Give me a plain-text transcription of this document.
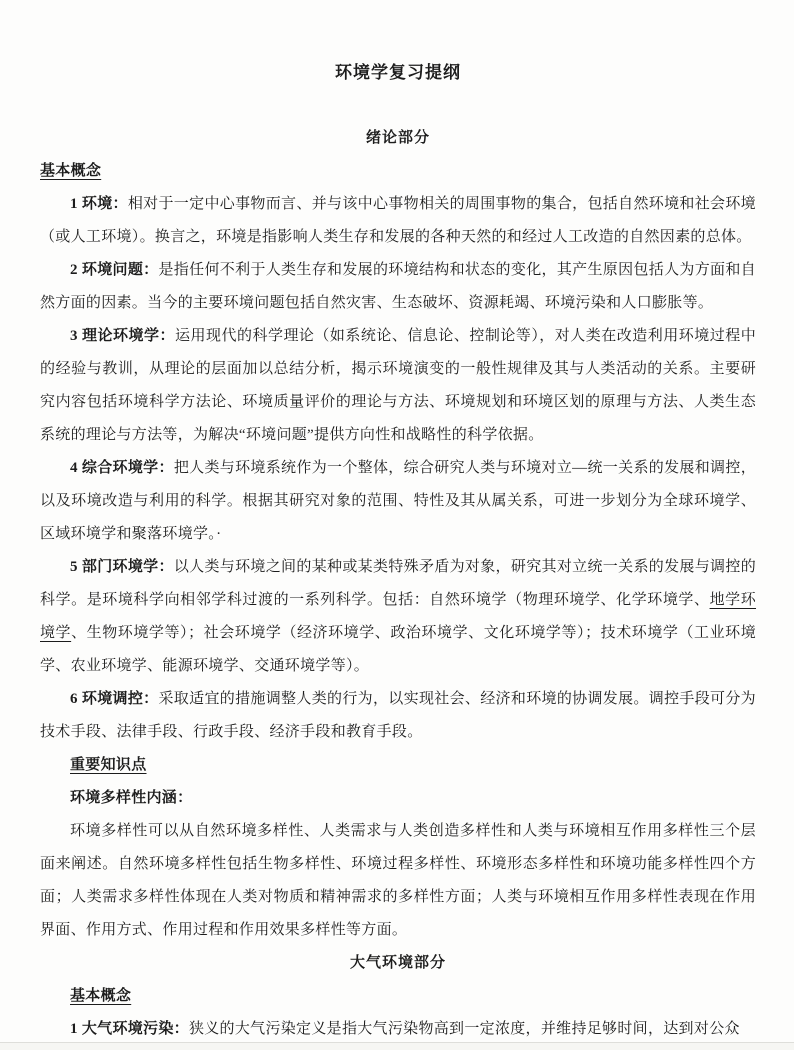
环境学复习提纲
绪论部分

基本概念

1 环境：相对于一定中心事物而言、并与该中心事物相关的周围事物的集合，包括自然环境和社会环境（或人工环境）。换言之，环境是指影响人类生存和发展的各种天然的和经过人工改造的自然因素的总体。

2 环境问题：是指任何不利于人类生存和发展的环境结构和状态的变化，其产生原因包括人为方面和自然方面的因素。当今的主要环境问题包括自然灾害、生态破坏、资源耗竭、环境污染和人口膨胀等。

3 理论环境学：运用现代的科学理论（如系统论、信息论、控制论等），对人类在改造利用环境过程中的经验与教训，从理论的层面加以总结分析，揭示环境演变的一般性规律及其与人类活动的关系。主要研究内容包括环境科学方法论、环境质量评价的理论与方法、环境规划和环境区划的原理与方法、人类生态系统的理论与方法等，为解决“环境问题”提供方向性和战略性的科学依据。

4 综合环境学：把人类与环境系统作为一个整体，综合研究人类与环境对立—统一关系的发展和调控，以及环境改造与利用的科学。根据其研究对象的范围、特性及其从属关系，可进一步划分为全球环境学、区域环境学和聚落环境学。·

5 部门环境学：以人类与环境之间的某种或某类特殊矛盾为对象，研究其对立统一关系的发展与调控的科学。是环境科学向相邻学科过渡的一系列科学。包括：自然环境学（物理环境学、化学环境学、地学环境学、生物环境学等）；社会环境学（经济环境学、政治环境学、文化环境学等）；技术环境学（工业环境学、农业环境学、能源环境学、交通环境学等）。

6 环境调控：采取适宜的措施调整人类的行为，以实现社会、经济和环境的协调发展。调控手段可分为技术手段、法律手段、行政手段、经济手段和教育手段。

重要知识点

环境多样性内涵：

环境多样性可以从自然环境多样性、人类需求与人类创造多样性和人类与环境相互作用多样性三个层面来阐述。自然环境多样性包括生物多样性、环境过程多样性、环境形态多样性和环境功能多样性四个方面；人类需求多样性体现在人类对物质和精神需求的多样性方面；人类与环境相互作用多样性表现在作用界面、作用方式、作用过程和作用效果多样性等方面。

大气环境部分

基本概念

1 大气环境污染：狭义的大气污染定义是指大气污染物高到一定浓度，并维持足够时间，达到对公众
